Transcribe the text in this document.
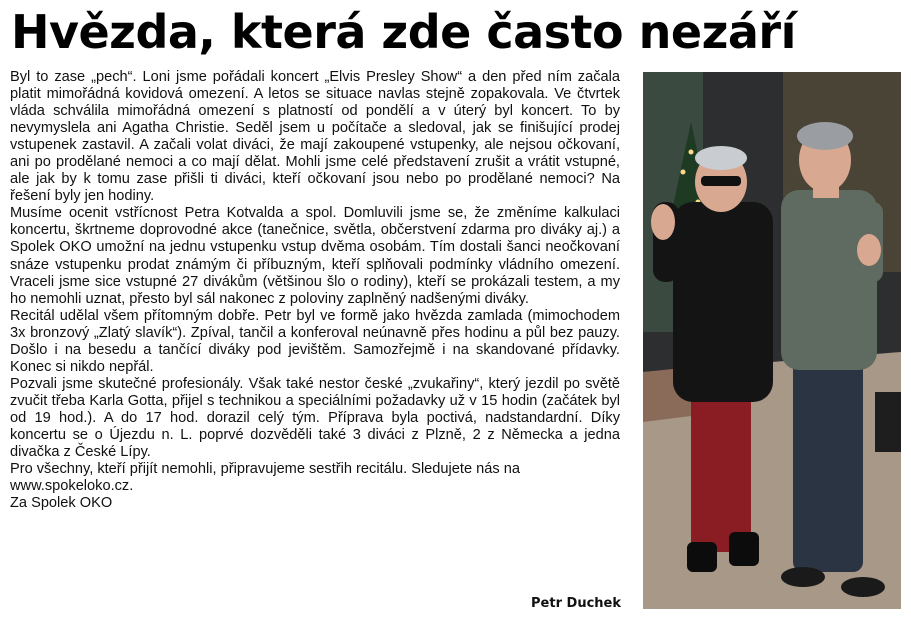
Hvězda, která zde často nezáří

Byl to zase „pech“. Loni jsme pořádali koncert „Elvis Presley Show“ a den před ním začala platit mimořádná kovidová omezení. A letos se situace navlas stejně zopakovala. Ve čtvrtek vláda schválila mimořádná omezení s platností od pondělí a v úterý byl koncert. To by nevymyslela ani Agatha Christie. Seděl jsem u počítače a sledoval, jak se finišující prodej vstupenek zastavil. A začali volat diváci, že mají zakoupené vstupenky, ale nejsou očkovaní, ani po prodělané nemoci a co mají dělat. Mohli jsme celé představení zrušit a vrátit vstupné, ale jak by k tomu zase přišli ti diváci, kteří očkovaní jsou nebo po prodělané nemoci? Na řešení byly jen hodiny.

Musíme ocenit vstřícnost Petra Kotvalda a spol. Domluvili jsme se, že změníme kalkulaci koncertu, škrtneme doprovodné akce (tanečnice, světla, občerstvení zdarma pro diváky aj.) a Spolek OKO umožní na jednu vstupenku vstup dvěma osobám. Tím dostali šanci neočkovaní snáze vstupenku prodat známým či příbuzným, kteří splňovali podmínky vládního omezení. Vraceli jsme sice vstupné 27 divákům (většinou šlo o rodiny), kteří se prokázali testem, a my ho nemohli uznat, přesto byl sál nakonec z poloviny zaplněný nadšenými diváky.

Recitál udělal všem přítomným dobře. Petr byl ve formě jako hvězda zamlada (mimochodem 3x bronzový „Zlatý slavík“). Zpíval, tančil a konferoval neúnavně přes hodinu a půl bez pauzy. Došlo i na besedu a tančící diváky pod jevištěm. Samozřejmě i na skandované přídavky. Konec si nikdo nepřál.

Pozvali jsme skutečné profesionály. Však také nestor české „zvukařiny“, který jezdil po světě zvučit třeba Karla Gotta, přijel s technikou a speciálními požadavky už v 15 hodin (začátek byl od 19 hod.). A do 17 hod. dorazil celý tým. Příprava byla poctivá, nadstandardní. Díky koncertu se o Újezdu n. L. poprvé dozvěděli také 3 diváci z Plzně, 2 z Německa a jedna divačka z České Lípy.

Pro všechny, kteří přijít nemohli, připravujeme sestřih recitálu. Sledujete nás na www.spokeloko.cz.

Za Spolek OKO

Petr Duchek
